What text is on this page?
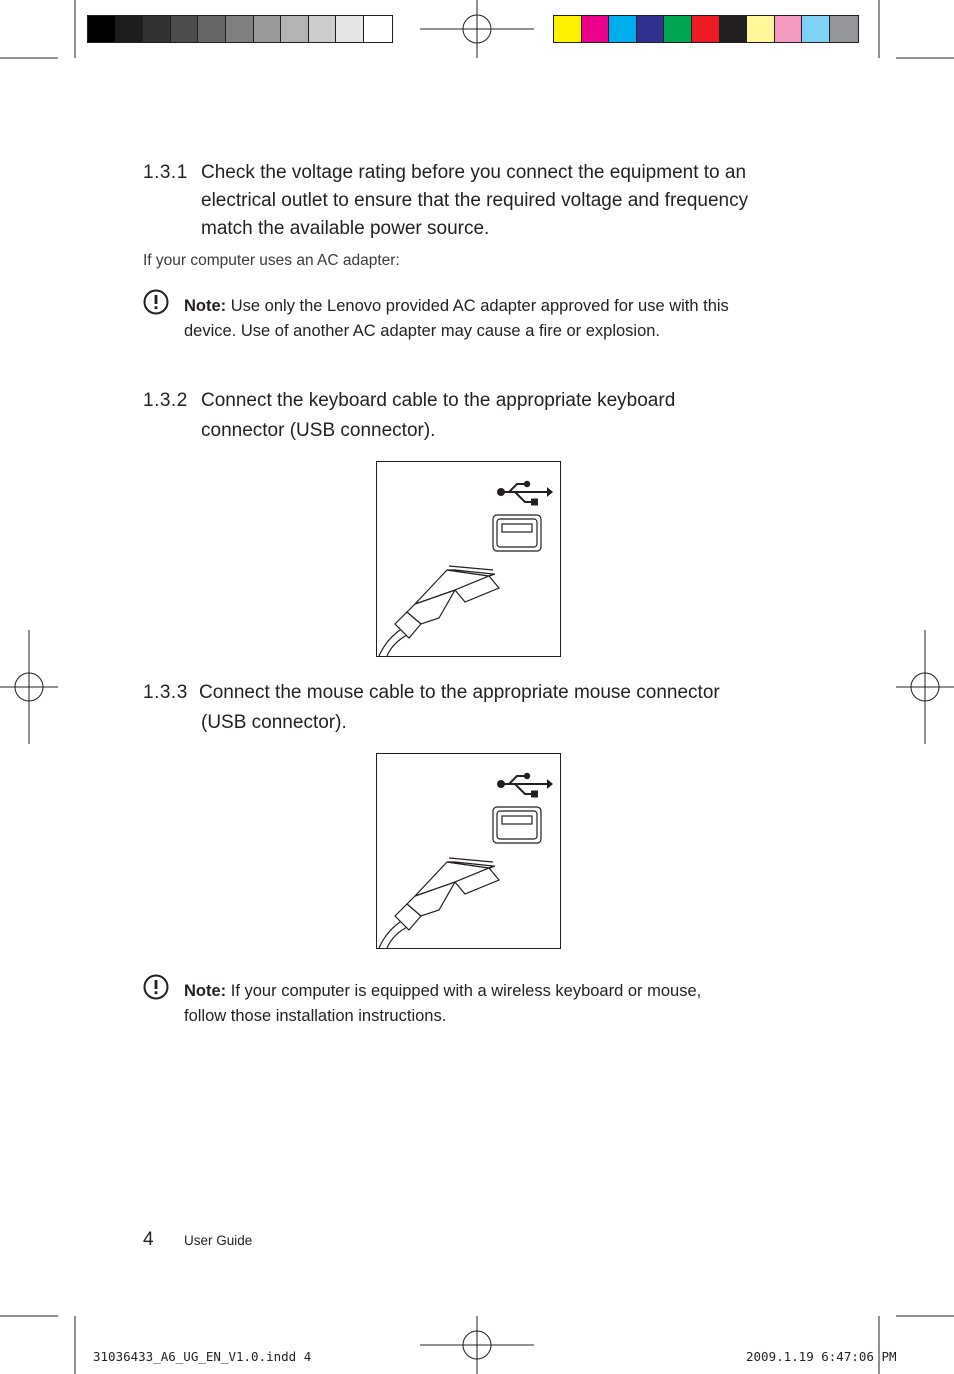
1.3.1 Check the voltage rating before you connect the equipment to an
electrical outlet to ensure that the required voltage and frequency
match the available power source.
If your computer uses an AC adapter:
Note: Use only the Lenovo provided AC adapter approved for use with this
device. Use of another AC adapter may cause a fire or explosion.
1.3.2 Connect the keyboard cable to the appropriate keyboard
connector (USB connector).
1.3.3 Connect the mouse cable to the appropriate mouse connector
(USB connector).
Note: If your computer is equipped with a wireless keyboard or mouse,
follow those installation instructions.
4 User Guide
31036433_A6_UG_EN_V1.0.indd 4	2009.1.19 6:47:06 PM
